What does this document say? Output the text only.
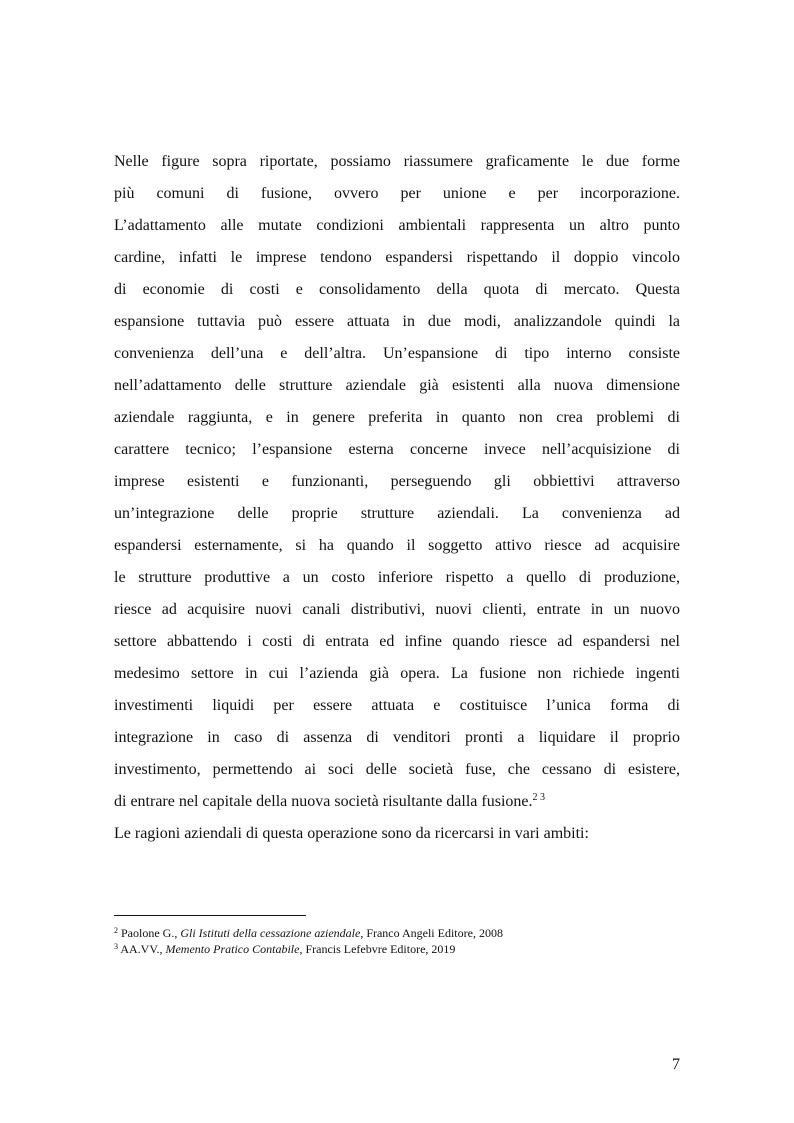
Nelle figure sopra riportate, possiamo riassumere graficamente le due forme
più comuni di fusione, ovvero per unione e per incorporazione.
L’adattamento alle mutate condizioni ambientali rappresenta un altro punto
cardine, infatti le imprese tendono espandersi rispettando il doppio vincolo
di economie di costi e consolidamento della quota di mercato. Questa
espansione tuttavia può essere attuata in due modi, analizzandole quindi la
convenienza dell’una e dell’altra. Un’espansione di tipo interno consiste
nell’adattamento delle strutture aziendale già esistenti alla nuova dimensione
aziendale raggiunta, e in genere preferita in quanto non crea problemi di
carattere tecnico; l’espansione esterna concerne invece nell’acquisizione di
imprese esistenti e funzionanti, perseguendo gli obbiettivi attraverso
un’integrazione delle proprie strutture aziendali. La convenienza ad
espandersi esternamente, si ha quando il soggetto attivo riesce ad acquisire
le strutture produttive a un costo inferiore rispetto a quello di produzione,
riesce ad acquisire nuovi canali distributivi, nuovi clienti, entrate in un nuovo
settore abbattendo i costi di entrata ed infine quando riesce ad espandersi nel
medesimo settore in cui l’azienda già opera. La fusione non richiede ingenti
investimenti liquidi per essere attuata e costituisce l’unica forma di
integrazione in caso di assenza di venditori pronti a liquidare il proprio
investimento, permettendo ai soci delle società fuse, che cessano di esistere,
di entrare nel capitale della nuova società risultante dalla fusione.$^{2 3}$
Le ragioni aziendali di questa operazione sono da ricercarsi in vari ambiti:
$^2$ Paolone G., Gli Istituti della cessazione aziendale, Franco Angeli Editore, 2008
$^3$ AA.VV., Memento Pratico Contabile, Francis Lefebvre Editore, 2019
7
